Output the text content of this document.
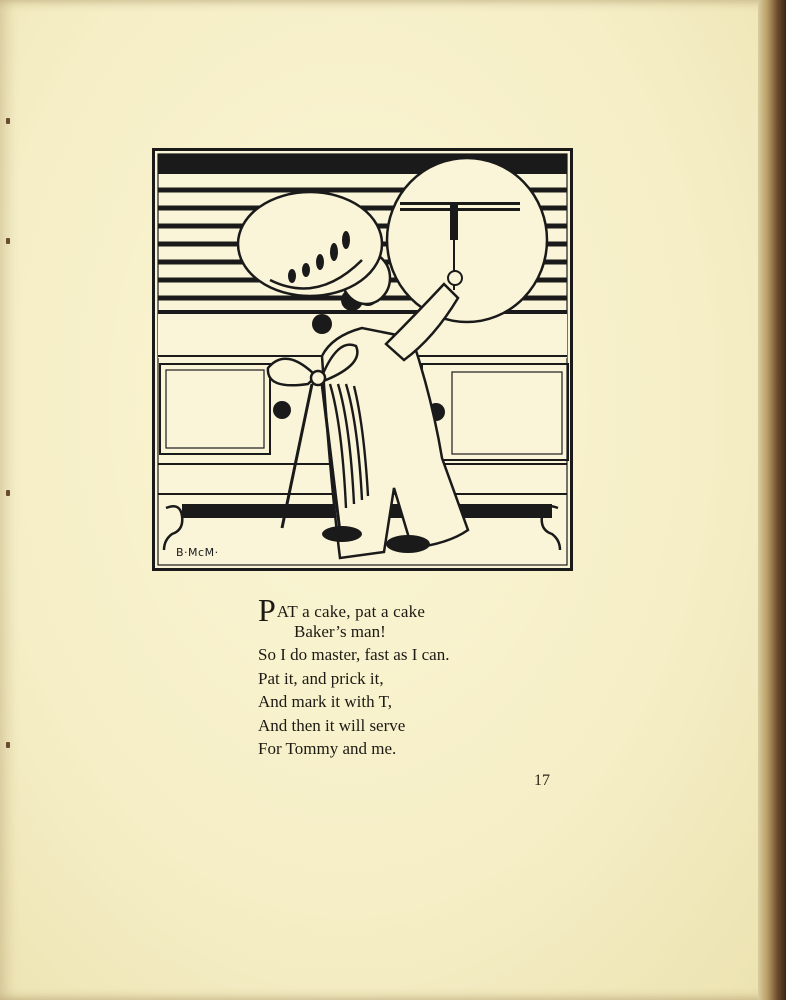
B·McM·
PAT a cake, pat a cake
Baker’s man!
So I do master, fast as I can.
Pat it, and prick it,
And mark it with T,
And then it will serve
For Tommy and me.
17
